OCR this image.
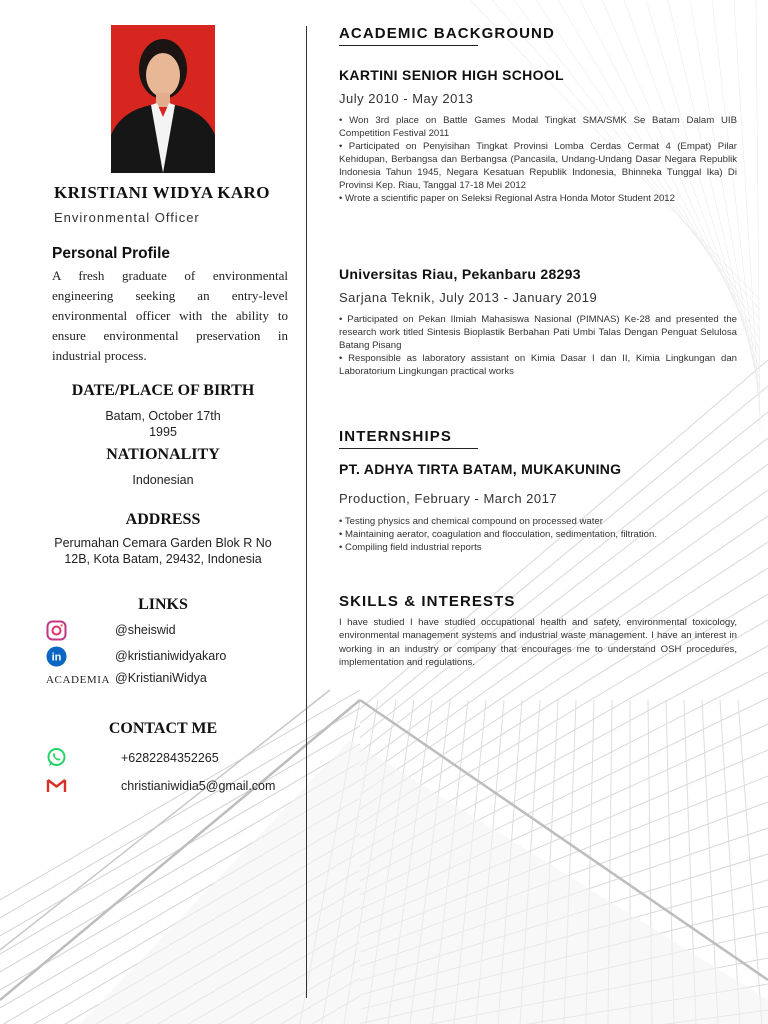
KRISTIANI WIDYA KARO
Environmental Officer
Personal Profile

A fresh graduate of environmental engineering seeking an entry-level environmental officer with the ability to ensure environmental preservation in industrial process.

DATE/PLACE OF BIRTH
Batam, October 17th
1995
NATIONALITY
Indonesian
ADDRESS
Perumahan Cemara Garden Blok R No
12B, Kota Batam, 29432, Indonesia
LINKS
@sheiswid
in	@kristianiwidyakaro
ACADEMIA @KristianiWidya
CONTACT ME
+6282284352265
christianiwidia5@gmail.com
ACADEMIC BACKGROUND
KARTINI SENIOR HIGH SCHOOL
July 2010 - May 2013
• Won 3rd place on Battle Games Modal Tingkat SMA/SMK Se Batam Dalam UIB Competition Festival 2011
• Participated on Penyisihan Tingkat Provinsi Lomba Cerdas Cermat 4 (Empat) Pilar Kehidupan, Berbangsa dan Berbangsa (Pancasila, Undang-Undang Dasar Negara Republik Indonesia Tahun 1945, Negara Kesatuan Republik Indonesia, Bhinneka Tunggal Ika) Di Provinsi Kep. Riau, Tanggal 17-18 Mei 2012
• Wrote a scientific paper on Seleksi Regional Astra Honda Motor Student 2012
Universitas Riau, Pekanbaru 28293
Sarjana Teknik, July 2013 - January 2019
• Participated on Pekan Ilmiah Mahasiswa Nasional (PIMNAS) Ke-28 and presented the research work titled Sintesis Bioplastik Berbahan Pati Umbi Talas Dengan Penguat Selulosa Batang Pisang
• Responsible as laboratory assistant on Kimia Dasar I dan II, Kimia Lingkungan dan Laboratorium Lingkungan practical works
INTERNSHIPS
PT. ADHYA TIRTA BATAM, MUKAKUNING
Production, February - March 2017
• Testing physics and chemical compound on processed water
• Maintaining aerator, coagulation and flocculation, sedimentation, filtration.
• Compiling field industrial reports
SKILLS & INTERESTS

I have studied I have studied occupational health and safety, environmental toxicology, environmental management systems and industrial waste management. I have an interest in working in an industry or company that encourages me to understand OSH procedures, implementation and regulations.
